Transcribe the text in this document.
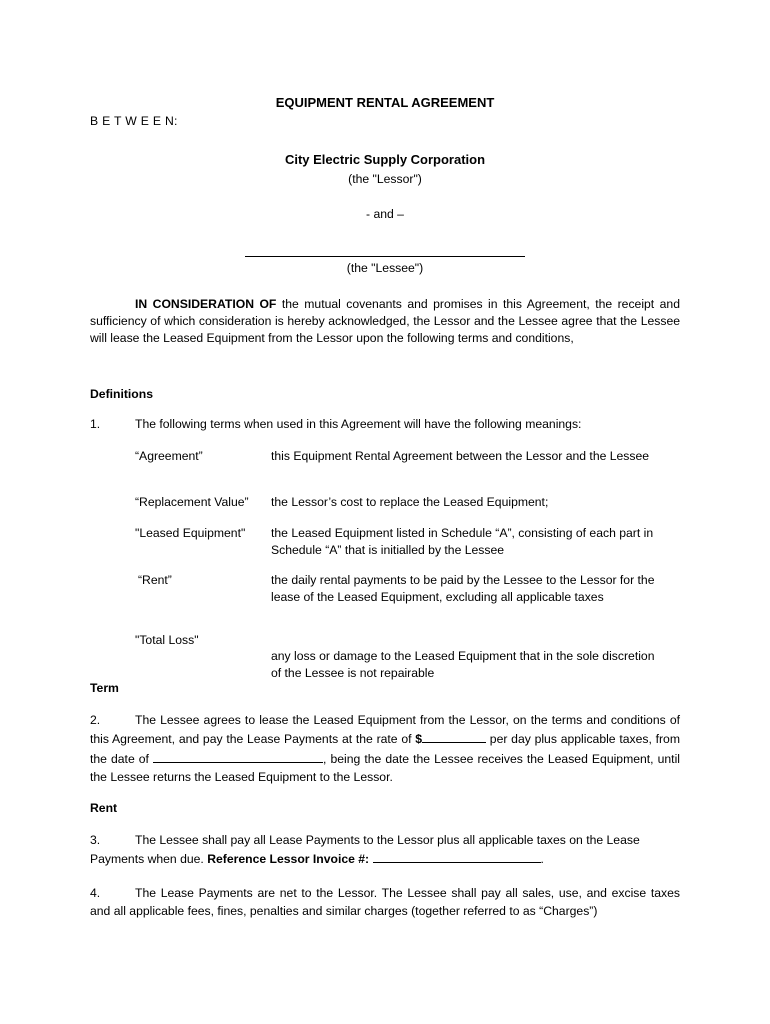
EQUIPMENT RENTAL AGREEMENT
B E T W E E N:
City Electric Supply Corporation
(the "Lessor")
- and –
(the "Lessee")
IN CONSIDERATION OF the mutual covenants and promises in this Agreement, the receipt and sufficiency of which consideration is hereby acknowledged, the Lessor and the Lessee agree that the Lessee will lease the Leased Equipment from the Lessor upon the following terms and conditions,
Definitions
1.	The following terms when used in this Agreement will have the following meanings:
“Agreement”	this Equipment Rental Agreement between the Lessor and the Lessee
“Replacement Value” the Lessor’s cost to replace the Leased Equipment;
"Leased Equipment" the Leased Equipment listed in Schedule “A”, consisting of each part in Schedule “A” that is initialled by the Lessee
“Rent”	the daily rental payments to be paid by the Lessee to the Lessor for the lease of the Leased Equipment, excluding all applicable taxes
"Total Loss"
any loss or damage to the Leased Equipment that in the sole discretion of the Lessee is not repairable
Term
2.	The Lessee agrees to lease the Leased Equipment from the Lessor, on the terms and conditions of this Agreement, and pay the Lease Payments at the rate of $	per day plus applicable taxes, from the date of	, being the date the Lessee receives the Leased Equipment, until the Lessee returns the Leased Equipment to the Lessor.
Rent
3.	The Lessee shall pay all Lease Payments to the Lessor plus all applicable taxes on the Lease Payments when due. Reference Lessor Invoice #:	.
4.	The Lease Payments are net to the Lessor. The Lessee shall pay all sales, use, and excise taxes and all applicable fees, fines, penalties and similar charges (together referred to as “Charges”)
